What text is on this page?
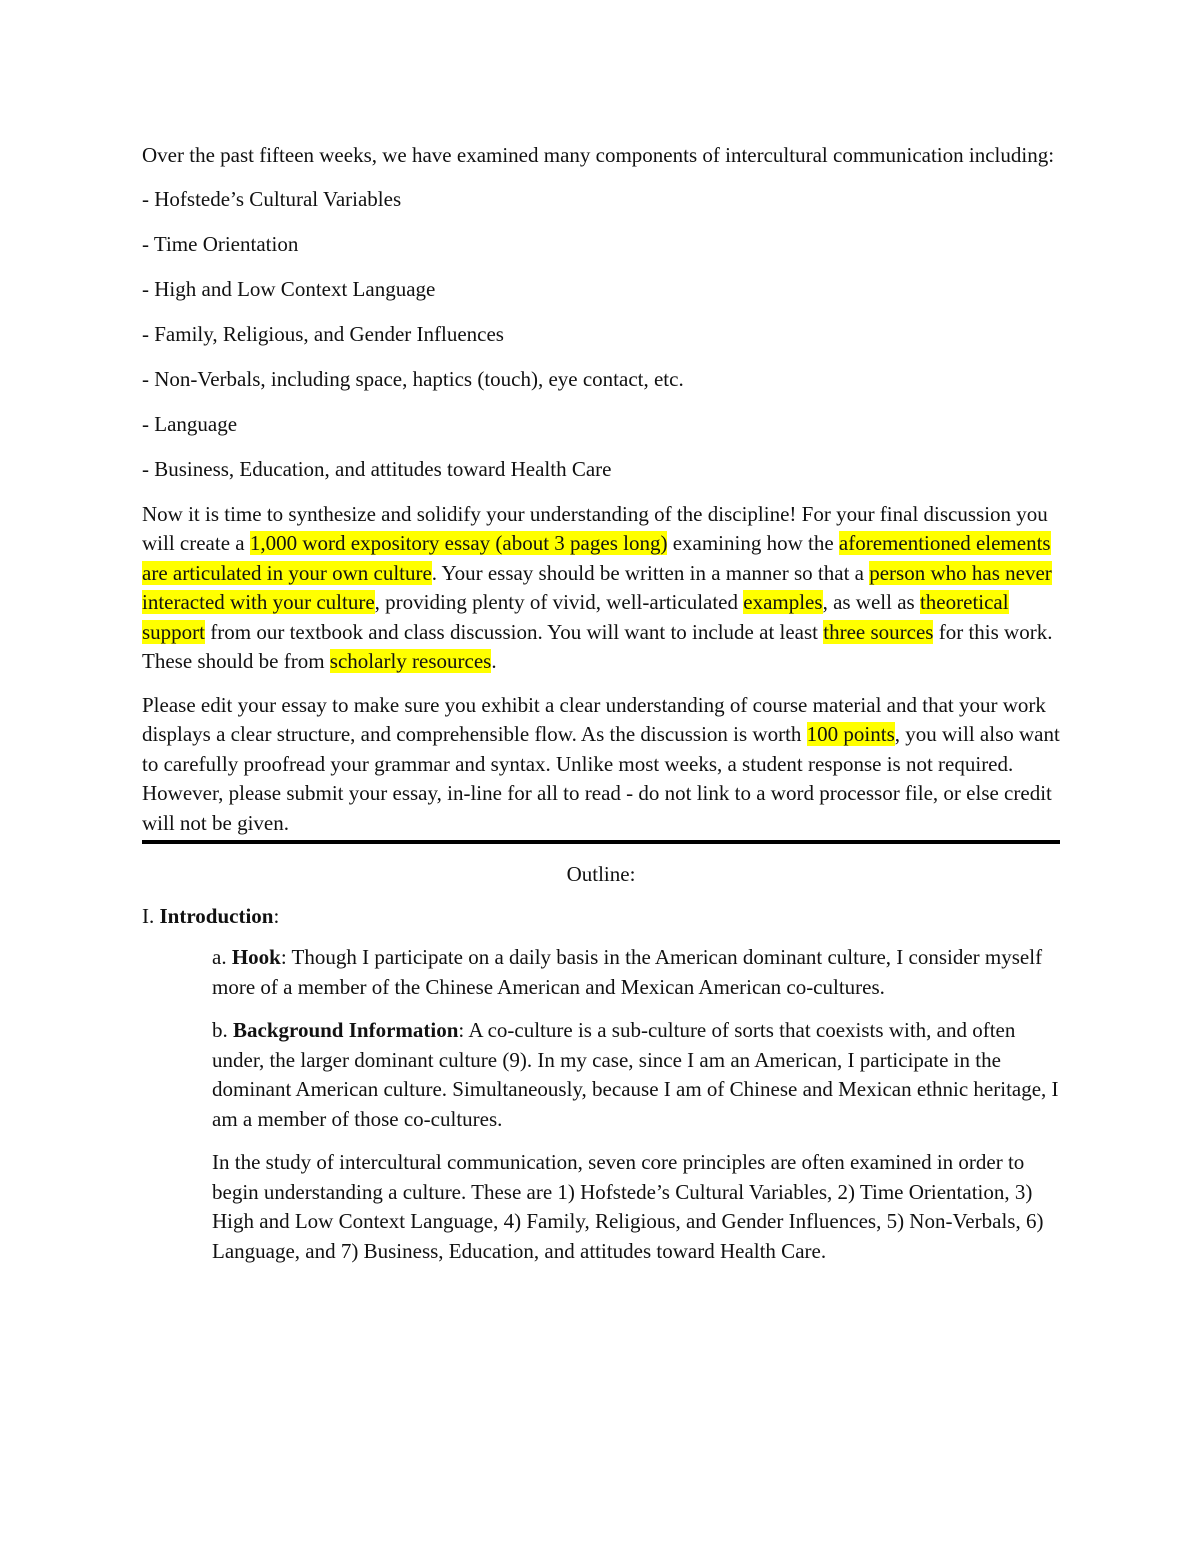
Over the past fifteen weeks, we have examined many components of intercultural communication including:

- Hofstede’s Cultural Variables

- Time Orientation

- High and Low Context Language

- Family, Religious, and Gender Influences

- Non-Verbals, including space, haptics (touch), eye contact, etc.

- Language

- Business, Education, and attitudes toward Health Care

Now it is time to synthesize and solidify your understanding of the discipline! For your final discussion you will create a 1,000 word expository essay (about 3 pages long) examining how the aforementioned elements are articulated in your own culture. Your essay should be written in a manner so that a person who has never interacted with your culture, providing plenty of vivid, well-articulated examples, as well as theoretical support from our textbook and class discussion. You will want to include at least three sources for this work. These should be from scholarly resources.

Please edit your essay to make sure you exhibit a clear understanding of course material and that your work displays a clear structure, and comprehensible flow. As the discussion is worth 100 points, you will also want to carefully proofread your grammar and syntax. Unlike most weeks, a student response is not required. However, please submit your essay, in-line for all to read - do not link to a word processor file, or else credit will not be given.

Outline:

I. Introduction:

a. Hook: Though I participate on a daily basis in the American dominant culture, I consider myself more of a member of the Chinese American and Mexican American co-cultures.

b. Background Information: A co-culture is a sub-culture of sorts that coexists with, and often under, the larger dominant culture (9). In my case, since I am an American, I participate in the dominant American culture. Simultaneously, because I am of Chinese and Mexican ethnic heritage, I am a member of those co-cultures.

In the study of intercultural communication, seven core principles are often examined in order to begin understanding a culture. These are 1) Hofstede’s Cultural Variables, 2) Time Orientation, 3) High and Low Context Language, 4) Family, Religious, and Gender Influences, 5) Non-Verbals, 6) Language, and 7) Business, Education, and attitudes toward Health Care.
